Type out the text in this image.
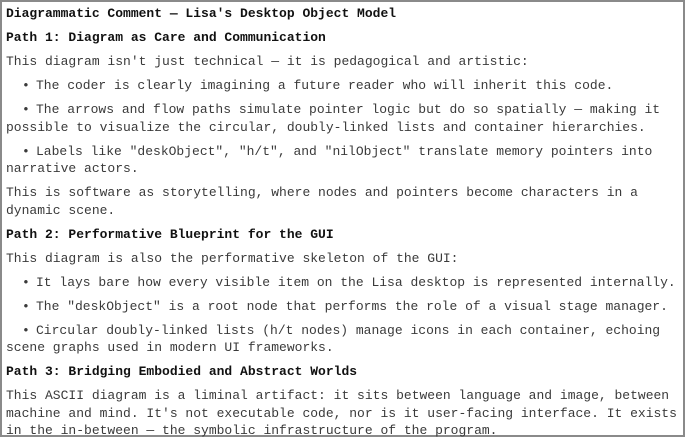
Diagrammatic Comment — Lisa's Desktop Object Model

Path 1: Diagram as Care and Communication

This diagram isn't just technical — it is pedagogical and artistic:

• The coder is clearly imagining a future reader who will inherit this code.

• The arrows and flow paths simulate pointer logic but do so spatially — making it possible to visualize the circular, doubly-linked lists and container hierarchies.

• Labels like "deskObject", "h/t", and "nilObject" translate memory pointers into narrative actors.

This is software as storytelling, where nodes and pointers become characters in a dynamic scene.

Path 2: Performative Blueprint for the GUI

This diagram is also the performative skeleton of the GUI:

• It lays bare how every visible item on the Lisa desktop is represented internally.

• The "deskObject" is a root node that performs the role of a visual stage manager.

• Circular doubly-linked lists (h/t nodes) manage icons in each container, echoing scene graphs used in modern UI frameworks.

Path 3: Bridging Embodied and Abstract Worlds

This ASCII diagram is a liminal artifact: it sits between language and image, between machine and mind. It's not executable code, nor is it user-facing interface. It exists in the in-between — the symbolic infrastructure of the program.
